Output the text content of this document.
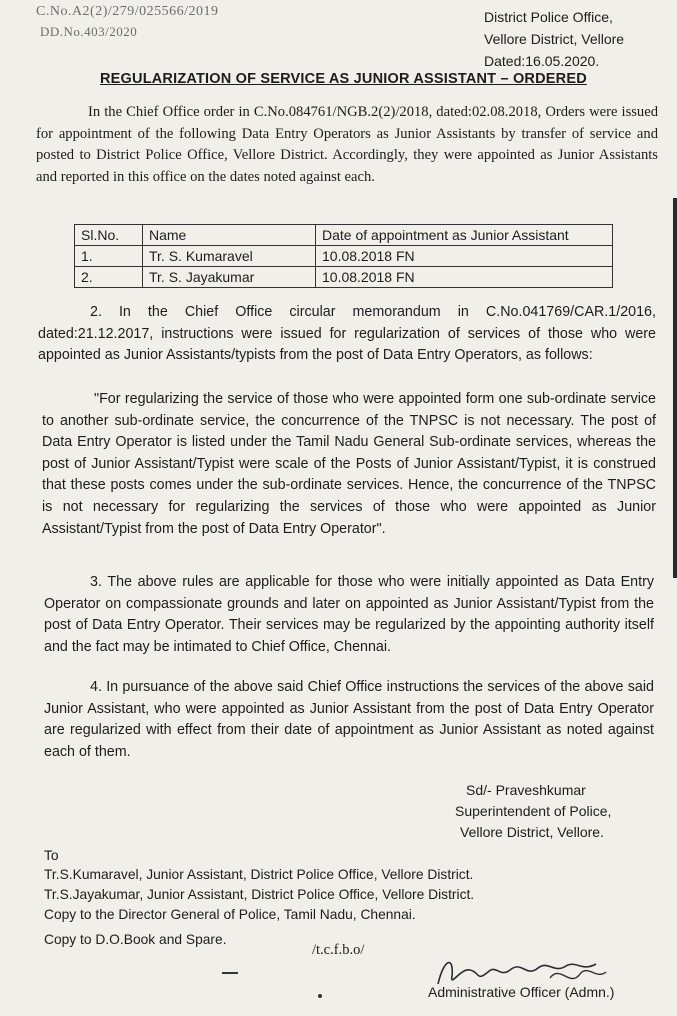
C.No.A2(2)/279/025566/2019
DD.No.403/2020
District Police Office,
Vellore District, Vellore
Dated:16.05.2020.
REGULARIZATION OF SERVICE AS JUNIOR ASSISTANT – ORDERED
In the Chief Office order in C.No.084761/NGB.2(2)/2018, dated:02.08.2018, Orders were issued for appointment of the following Data Entry Operators as Junior Assistants by transfer of service and posted to District Police Office, Vellore District. Accordingly, they were appointed as Junior Assistants and reported in this office on the dates noted against each.
Sl.No.	Name	Date of appointment as Junior Assistant
1.	Tr. S. Kumaravel	10.08.2018 FN
2.	Tr. S. Jayakumar	10.08.2018 FN
2. In the Chief Office circular memorandum in C.No.041769/CAR.1/2016, dated:21.12.2017, instructions were issued for regularization of services of those who were appointed as Junior Assistants/typists from the post of Data Entry Operators, as follows:
"For regularizing the service of those who were appointed form one sub-ordinate service to another sub-ordinate service, the concurrence of the TNPSC is not necessary. The post of Data Entry Operator is listed under the Tamil Nadu General Sub-ordinate services, whereas the post of Junior Assistant/Typist were scale of the Posts of Junior Assistant/Typist, it is construed that these posts comes under the sub-ordinate services. Hence, the concurrence of the TNPSC is not necessary for regularizing the services of those who were appointed as Junior Assistant/Typist from the post of Data Entry Operator".
3. The above rules are applicable for those who were initially appointed as Data Entry Operator on compassionate grounds and later on appointed as Junior Assistant/Typist from the post of Data Entry Operator. Their services may be regularized by the appointing authority itself and the fact may be intimated to Chief Office, Chennai.
4. In pursuance of the above said Chief Office instructions the services of the above said Junior Assistant, who were appointed as Junior Assistant from the post of Data Entry Operator are regularized with effect from their date of appointment as Junior Assistant as noted against each of them.
Sd/- Praveshkumar
Superintendent of Police,
Vellore District, Vellore.
To
Tr.S.Kumaravel, Junior Assistant, District Police Office, Vellore District.
Tr.S.Jayakumar, Junior Assistant, District Police Office, Vellore District.
Copy to the Director General of Police, Tamil Nadu, Chennai.
Copy to D.O.Book and Spare.
/t.c.f.b.o/
Administrative Officer (Admn.)
